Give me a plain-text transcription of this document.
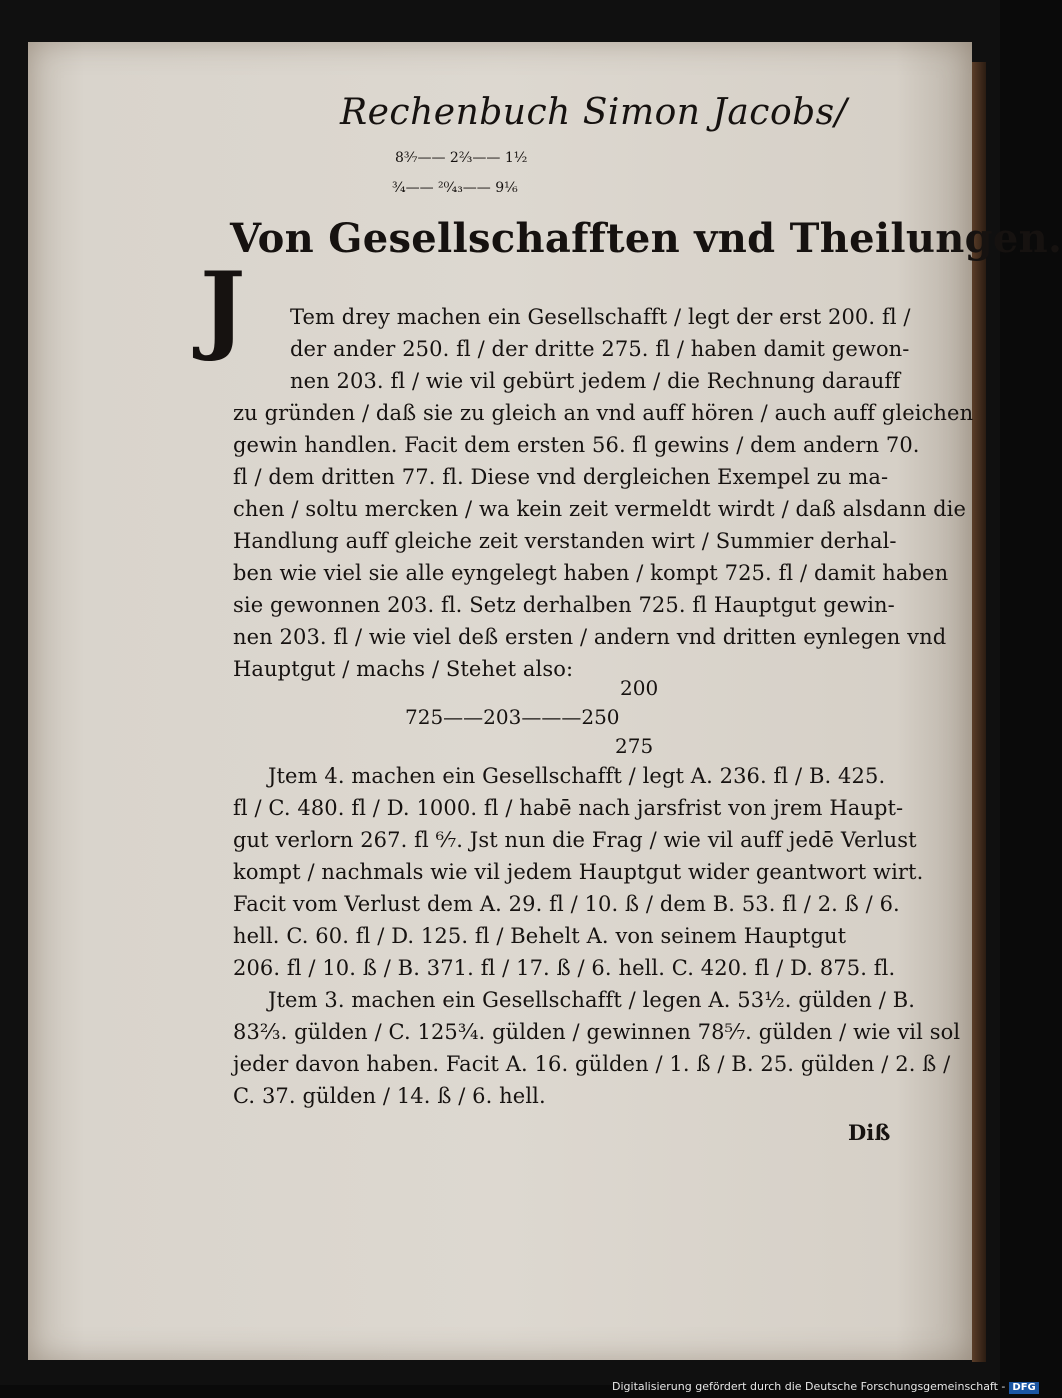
Rechenbuch Simon Jacobs/
8³⁄₇—— 2²⁄₃—— 1¹⁄₂
³⁄₄—— ²⁰⁄₄₃—— 9¹⁄₆
Von Gesellschafften vnd Theilungen.
J	Tem drey machen ein Gesellschafft / legt der erst 200. fl /
der ander 250. fl / der dritte 275. fl / haben damit gewon-
nen 203. fl / wie vil gebürt jedem / die Rechnung darauff
zu gründen / daß sie zu gleich an vnd auff hören / auch auff gleichen
gewin handlen. Facit dem ersten 56. fl gewins / dem andern 70.
fl / dem dritten 77. fl. Diese vnd dergleichen Exempel zu ma-
chen / soltu mercken / wa kein zeit vermeldt wirdt / daß alsdann die
Handlung auff gleiche zeit verstanden wirt / Summier derhal-
ben wie viel sie alle eyngelegt haben / kompt 725. fl / damit haben
sie gewonnen 203. fl. Setz derhalben 725. fl Hauptgut gewin-
nen 203. fl / wie viel deß ersten / andern vnd dritten eynlegen vnd
Hauptgut / machs / Stehet also:
200
725——203———250
275
Jtem 4. machen ein Gesellschafft / legt A. 236. fl / B. 425.
fl / C. 480. fl / D. 1000. fl / habē nach jarsfrist von jrem Haupt-
gut verlorn 267. fl ⁶⁄₇. Jst nun die Frag / wie vil auff jedē Verlust
kompt / nachmals wie vil jedem Hauptgut wider geantwort wirt.
Facit vom Verlust dem A. 29. fl / 10. ß / dem B. 53. fl / 2. ß / 6.
hell. C. 60. fl / D. 125. fl / Behelt A. von seinem Hauptgut
206. fl / 10. ß / B. 371. fl / 17. ß / 6. hell. C. 420. fl / D. 875. fl.
Jtem 3. machen ein Gesellschafft / legen A. 53¹⁄₂. gülden / B.
83²⁄₃. gülden / C. 125³⁄₄. gülden / gewinnen 78⁵⁄₇. gülden / wie vil sol
jeder davon haben. Facit A. 16. gülden / 1. ß / B. 25. gülden / 2. ß /
C. 37. gülden / 14. ß / 6. hell.
Diß
Digitalisierung gefördert durch die Deutsche Forschungsgemeinschaft - DFG
